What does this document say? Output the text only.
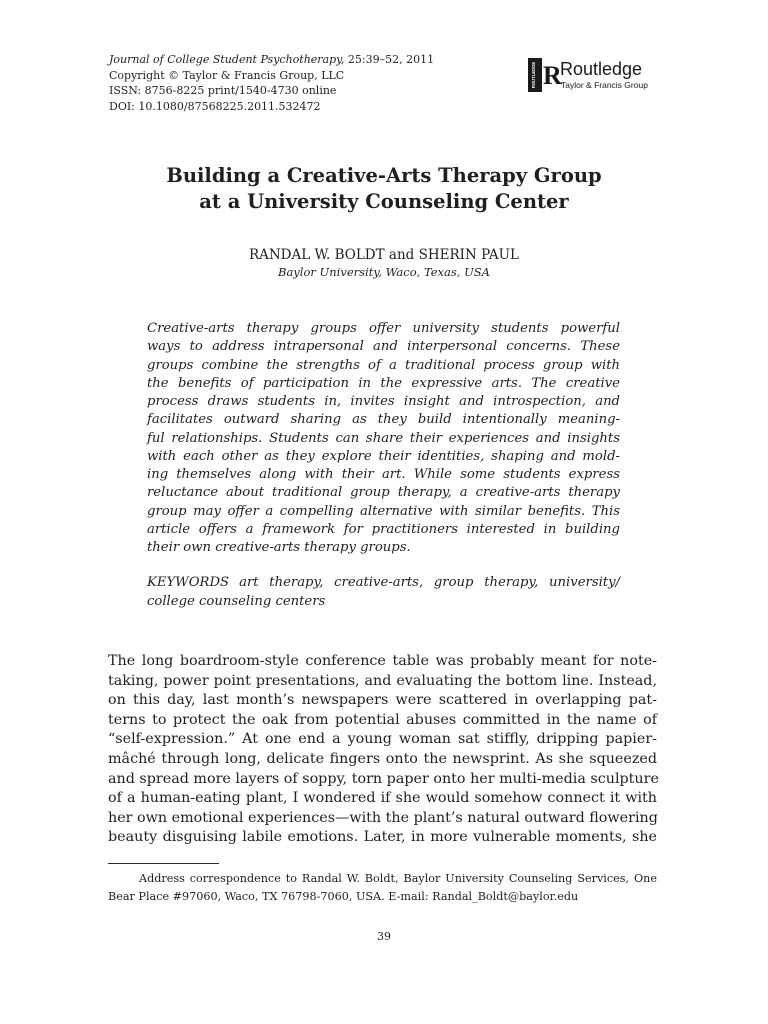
Journal of College Student Psychotherapy, 25:39–52, 2011
Copyright © Taylor & Francis Group, LLC
ISSN: 8756-8225 print/1540-4730 online
DOI: 10.1080/87568225.2011.532472
ROUTLEDGE R
Routledge
Taylor & Francis Group
Building a Creative-Arts Therapy Group
at a University Counseling Center
RANDAL W. BOLDT and SHERIN PAUL
Baylor University, Waco, Texas, USA
Creative-arts therapy groups offer university students powerful
ways to address intrapersonal and interpersonal concerns. These
groups combine the strengths of a traditional process group with
the benefits of participation in the expressive arts. The creative
process draws students in, invites insight and introspection, and
facilitates outward sharing as they build intentionally meaning-
ful relationships. Students can share their experiences and insights
with each other as they explore their identities, shaping and mold-
ing themselves along with their art. While some students express
reluctance about traditional group therapy, a creative-arts therapy
group may offer a compelling alternative with similar benefits. This
article offers a framework for practitioners interested in building
their own creative-arts therapy groups.
KEYWORDS art therapy, creative-arts, group therapy, university/
college counseling centers
The long boardroom-style conference table was probably meant for note-
taking, power point presentations, and evaluating the bottom line. Instead,
on this day, last month’s newspapers were scattered in overlapping pat-
terns to protect the oak from potential abuses committed in the name of
“self-expression.” At one end a young woman sat stiffly, dripping papier-
mâché through long, delicate fingers onto the newsprint. As she squeezed
and spread more layers of soppy, torn paper onto her multi-media sculpture
of a human-eating plant, I wondered if she would somehow connect it with
her own emotional experiences—with the plant’s natural outward flowering
beauty disguising labile emotions. Later, in more vulnerable moments, she
Address correspondence to Randal W. Boldt, Baylor University Counseling Services, One
Bear Place #97060, Waco, TX 76798-7060, USA. E-mail: Randal_Boldt@baylor.edu
39
